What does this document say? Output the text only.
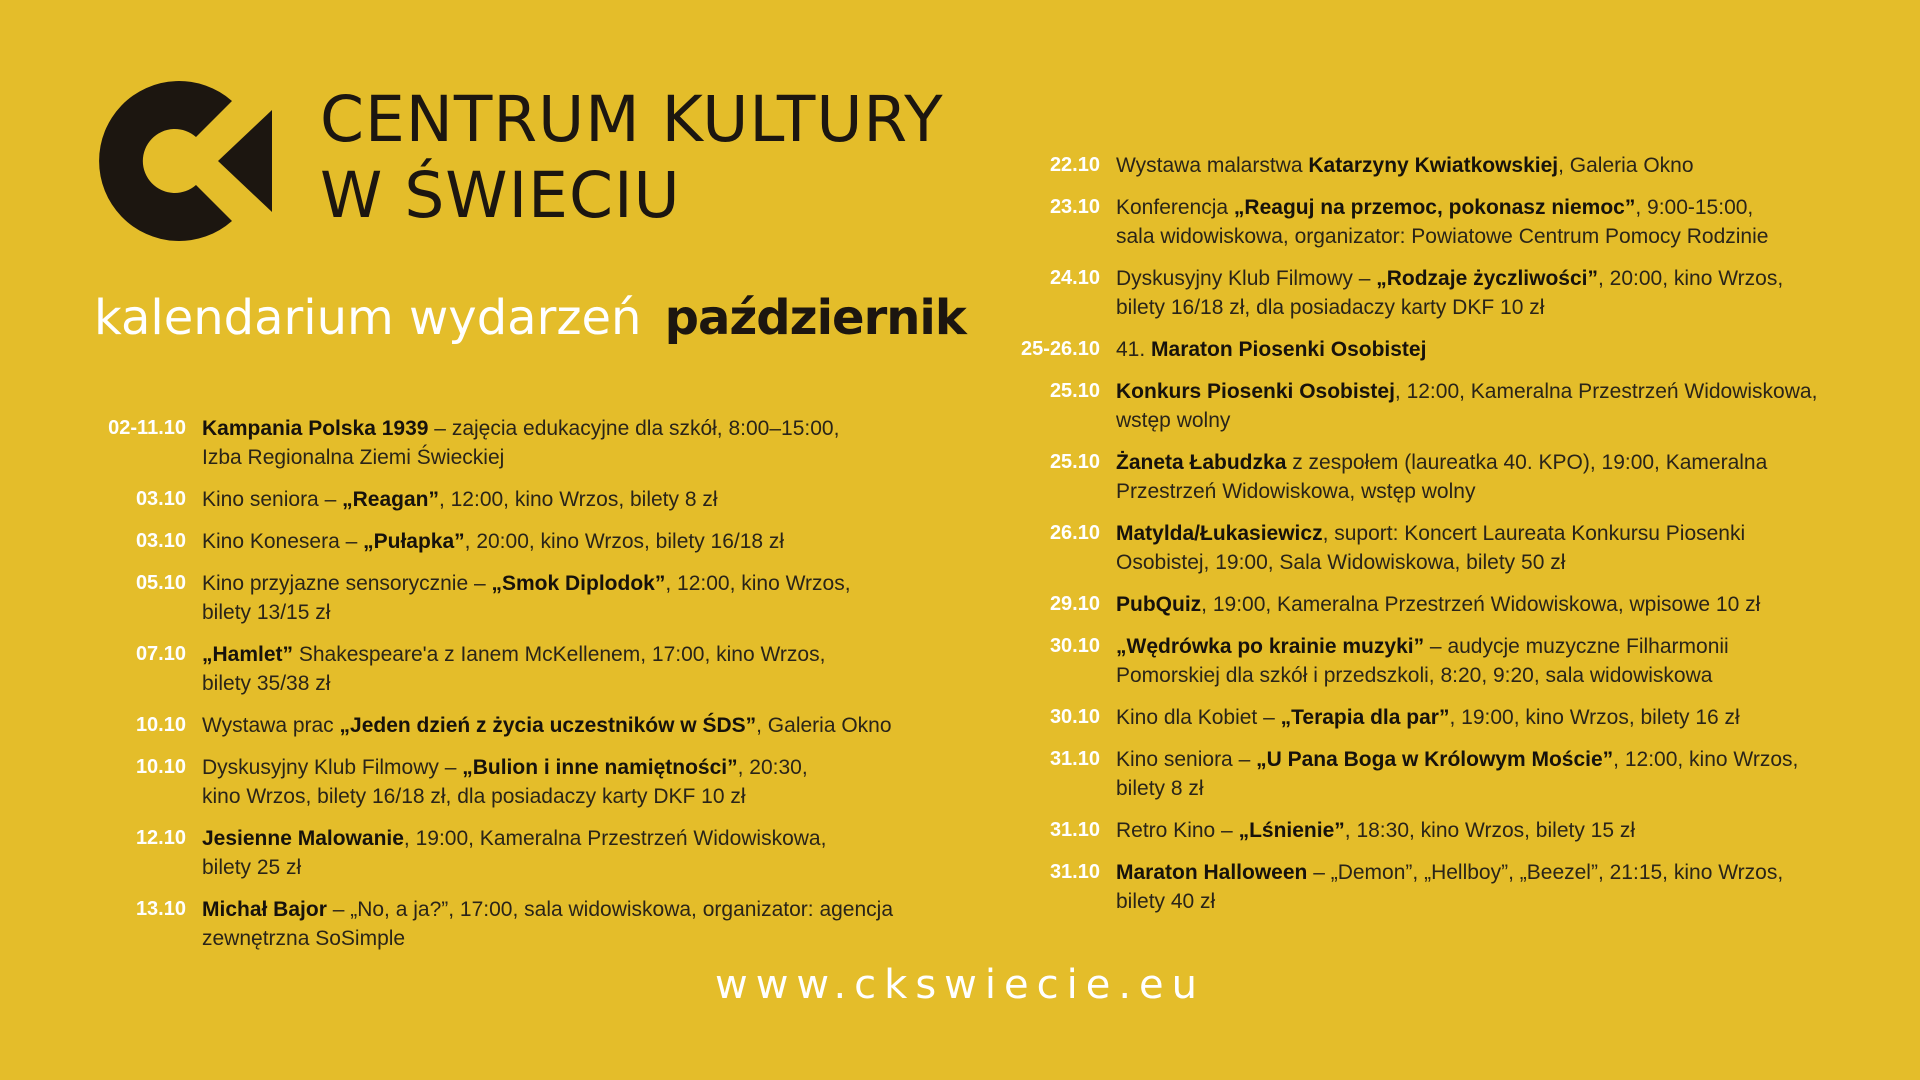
CENTRUM KULTURY
W ŚWIECIU
kalendarium wydarzeń październik
02-11.10 Kampania Polska 1939 – zajęcia edukacyjne dla szkół, 8:00–15:00,
Izba Regionalna Ziemi Świeckiej
03.10 Kino seniora – „Reagan”, 12:00, kino Wrzos, bilety 8 zł
03.10 Kino Konesera – „Pułapka”, 20:00, kino Wrzos, bilety 16/18 zł
05.10 Kino przyjazne sensorycznie – „Smok Diplodok”, 12:00, kino Wrzos,
bilety 13/15 zł
07.10 „Hamlet” Shakespeare'a z Ianem McKellenem, 17:00, kino Wrzos,
bilety 35/38 zł
10.10 Wystawa prac „Jeden dzień z życia uczestników w ŚDS”, Galeria Okno
10.10 Dyskusyjny Klub Filmowy – „Bulion i inne namiętności”, 20:30,
kino Wrzos, bilety 16/18 zł, dla posiadaczy karty DKF 10 zł
12.10 Jesienne Malowanie, 19:00, Kameralna Przestrzeń Widowiskowa,
bilety 25 zł
13.10 Michał Bajor – „No, a ja?”, 17:00, sala widowiskowa, organizator: agencja
zewnętrzna SoSimple
22.10 Wystawa malarstwa Katarzyny Kwiatkowskiej, Galeria Okno
23.10 Konferencja „Reaguj na przemoc, pokonasz niemoc”, 9:00-15:00,
sala widowiskowa, organizator: Powiatowe Centrum Pomocy Rodzinie
24.10 Dyskusyjny Klub Filmowy – „Rodzaje życzliwości”, 20:00, kino Wrzos,
bilety 16/18 zł, dla posiadaczy karty DKF 10 zł
25-26.10 41. Maraton Piosenki Osobistej
25.10 Konkurs Piosenki Osobistej, 12:00, Kameralna Przestrzeń Widowiskowa,
wstęp wolny
25.10 Żaneta Łabudzka z zespołem (laureatka 40. KPO), 19:00, Kameralna
Przestrzeń Widowiskowa, wstęp wolny
26.10 Matylda/Łukasiewicz, suport: Koncert Laureata Konkursu Piosenki
Osobistej, 19:00, Sala Widowiskowa, bilety 50 zł
29.10 PubQuiz, 19:00, Kameralna Przestrzeń Widowiskowa, wpisowe 10 zł
30.10 „Wędrówka po krainie muzyki” – audycje muzyczne Filharmonii
Pomorskiej dla szkół i przedszkoli, 8:20, 9:20, sala widowiskowa
30.10 Kino dla Kobiet – „Terapia dla par”, 19:00, kino Wrzos, bilety 16 zł
31.10 Kino seniora – „U Pana Boga w Królowym Moście”, 12:00, kino Wrzos,
bilety 8 zł
31.10 Retro Kino – „Lśnienie”, 18:30, kino Wrzos, bilety 15 zł
31.10 Maraton Halloween – „Demon”, „Hellboy”, „Beezel”, 21:15, kino Wrzos,
bilety 40 zł
www.ckswiecie.eu
